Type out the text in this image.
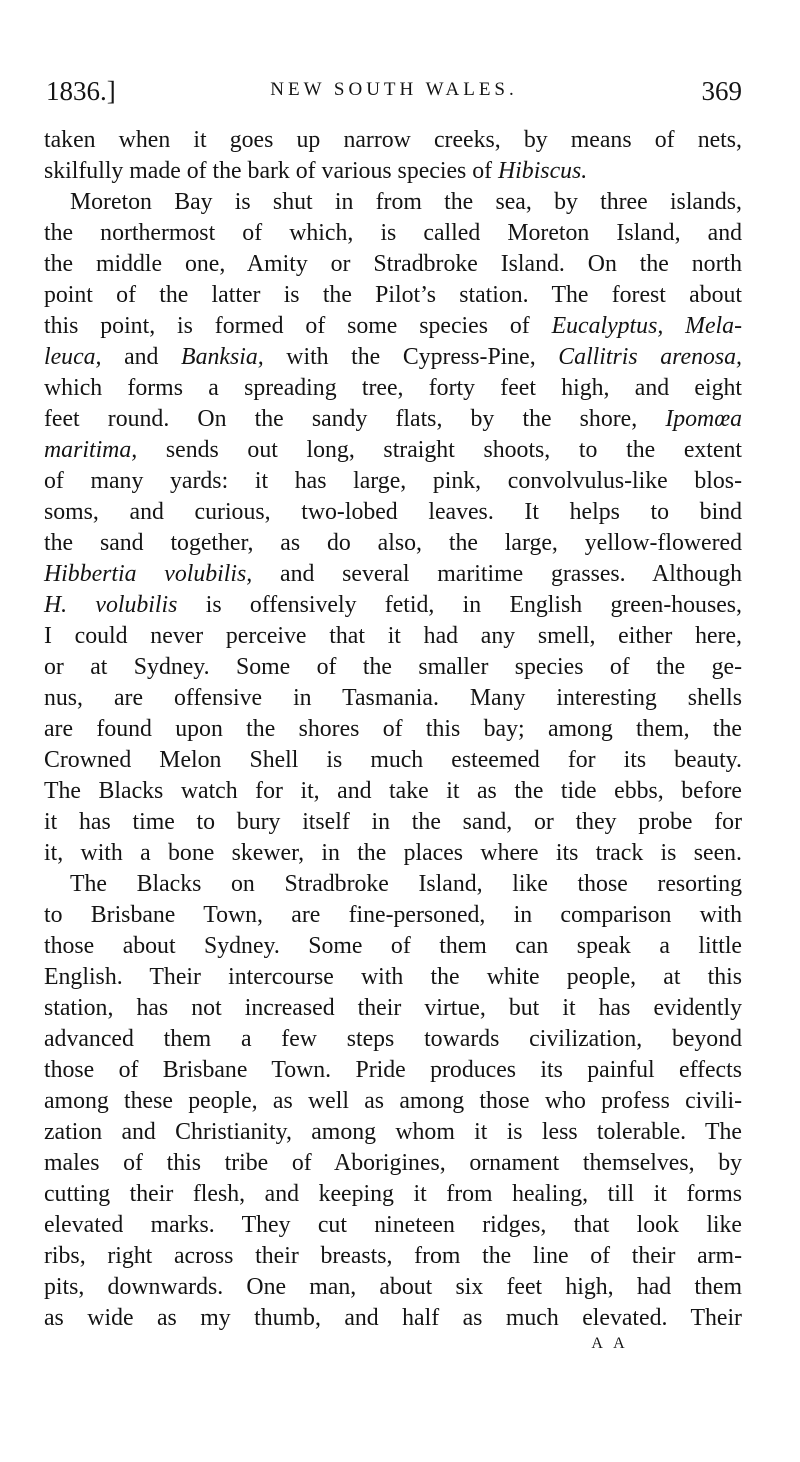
1836.]	NEW SOUTH WALES.	369
taken when it goes up narrow creeks, by means of nets,
skilfully made of the bark of various species of Hibiscus.
Moreton Bay is shut in from the sea, by three islands,
the northermost of which, is called Moreton Island, and
the middle one, Amity or Stradbroke Island. On the north
point of the latter is the Pilot’s station. The forest about
this point, is formed of some species of Eucalyptus, Mela-
leuca, and Banksia, with the Cypress-Pine, Callitris arenosa,
which forms a spreading tree, forty feet high, and eight
feet round. On the sandy flats, by the shore, Ipomœa
maritima, sends out long, straight shoots, to the extent
of many yards: it has large, pink, convolvulus-like blos-
soms, and curious, two-lobed leaves. It helps to bind
the sand together, as do also, the large, yellow-flowered
Hibbertia volubilis, and several maritime grasses. Although
H. volubilis is offensively fetid, in English green-houses,
I could never perceive that it had any smell, either here,
or at Sydney. Some of the smaller species of the ge-
nus, are offensive in Tasmania. Many interesting shells
are found upon the shores of this bay; among them, the
Crowned Melon Shell is much esteemed for its beauty.
The Blacks watch for it, and take it as the tide ebbs, before
it has time to bury itself in the sand, or they probe for
it, with a bone skewer, in the places where its track is seen.
The Blacks on Stradbroke Island, like those resorting
to Brisbane Town, are fine-personed, in comparison with
those about Sydney. Some of them can speak a little
English. Their intercourse with the white people, at this
station, has not increased their virtue, but it has evidently
advanced them a few steps towards civilization, beyond
those of Brisbane Town. Pride produces its painful effects
among these people, as well as among those who profess civili-
zation and Christianity, among whom it is less tolerable. The
males of this tribe of Aborigines, ornament themselves, by
cutting their flesh, and keeping it from healing, till it forms
elevated marks. They cut nineteen ridges, that look like
ribs, right across their breasts, from the line of their arm-
pits, downwards. One man, about six feet high, had them
as wide as my thumb, and half as much elevated. Their
A A
